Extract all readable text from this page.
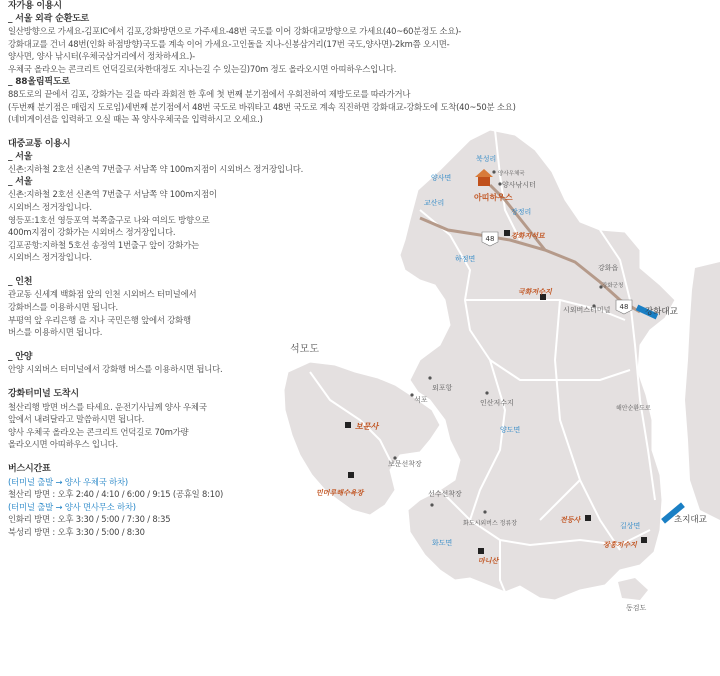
자가용 이용시

_ 서울 외곽 순환도로

일산방향으로 가세요-김포IC에서 김포,강화방면으로 가주세요-48번 국도를 이어 강화대교방향으로 가세요(40~60분정도 소요)-

강화대교를 건너 48번(인화 하점방향)국도를 계속 이어 가세요-고인돌을 지나-신봉삼거리(17번 국도,양사면)-2km쯤 오시면-

양사면, 양사 낚시터(우체국삼거리에서 정차하세요.)-

우체국 올라오는 콘크리트 언덕길로(차한대정도 지나는길 수 있는길)70m 정도 올라오시면 아띠하우스입니다.

_ 88올림픽도로

88도로의 끝에서 김포, 강화가는 길을 따라 좌회전 한 후에 첫 번째 분기점에서 우회전하여 제방도로를 따라가거나

(두번째 분기점은 매립지 도로임)세번째 분기점에서 48번 국도로 바꿔타고 48번 국도로 계속 직진하면 강화대교-강화도에 도착(40~50분 소요)

(네비게이션을 입력하고 오실 때는 꼭 양사우체국을 입력하시고 오세요.)

대중교통 이용시

_ 서울

신촌:지하철 2호선 신촌역 7번출구 서남쪽 약 100m지점이 시외버스 정거장입니다.

_ 서울

신촌:지하철 2호선 신촌역 7번출구 서남쪽 약 100m지점이

시외버스 정거장입니다.

영등포:1호선 영등포역 북쪽출구로 나와 여의도 방향으로

400m지점이 강화가는 시외버스 정거장입니다.

김포공항:지하철 5호선 송정역 1번출구 앞이 강화가는

시외버스 정거장입니다.

_ 인천

관교동 신세계 백화점 앞의 인천 시외버스 터미널에서

강화버스를 이용하시면 됩니다.

부평역 앞 우리은행 을 지나 국민은행 앞에서 강화행

버스를 이용하시면 됩니다.

_ 안양

안양 시외버스 터미널에서 강화행 버스를 이용하시면 됩니다.

강화터미널 도착시

철산리행 방면 버스를 타세요. 운전기사님께 양사 우체국

앞에서 내려달라고 말씀하시면 됩니다.

양사 우체국 올라오는 콘크리트 언덕길로 70m가량

올라오시면 아띠하우스 입니다.

버스시간표

(터미널 출발 → 양사 우체국 하차)

철산리 방면 : 오후 2:40 / 4:10 / 6:00 / 9:15 (공휴일 8:10)

(터미널 출발 → 양사 면사무소 하차)

인화리 방면 : 오후 3:30 / 5:00 / 7:30 / 8:35

북성리 방면 : 오후 3:30 / 5:00 / 8:30

48
48
북성리
양사우체국
양사낚시터
양사면
아띠하우스
교산리
장정리
강화지석묘
하점면
강화읍
강화군청
시외버스터미널
국화저수지
강화대교
석모도
외포항
석포
보문사
보문선착장
민머루해수욕장
인산저수지
양도면
해안순환도로
선수선착장
화도시외버스 정류장
화도면
마니산
전등사
길상면
장흥저수지
초지대교
동검도
